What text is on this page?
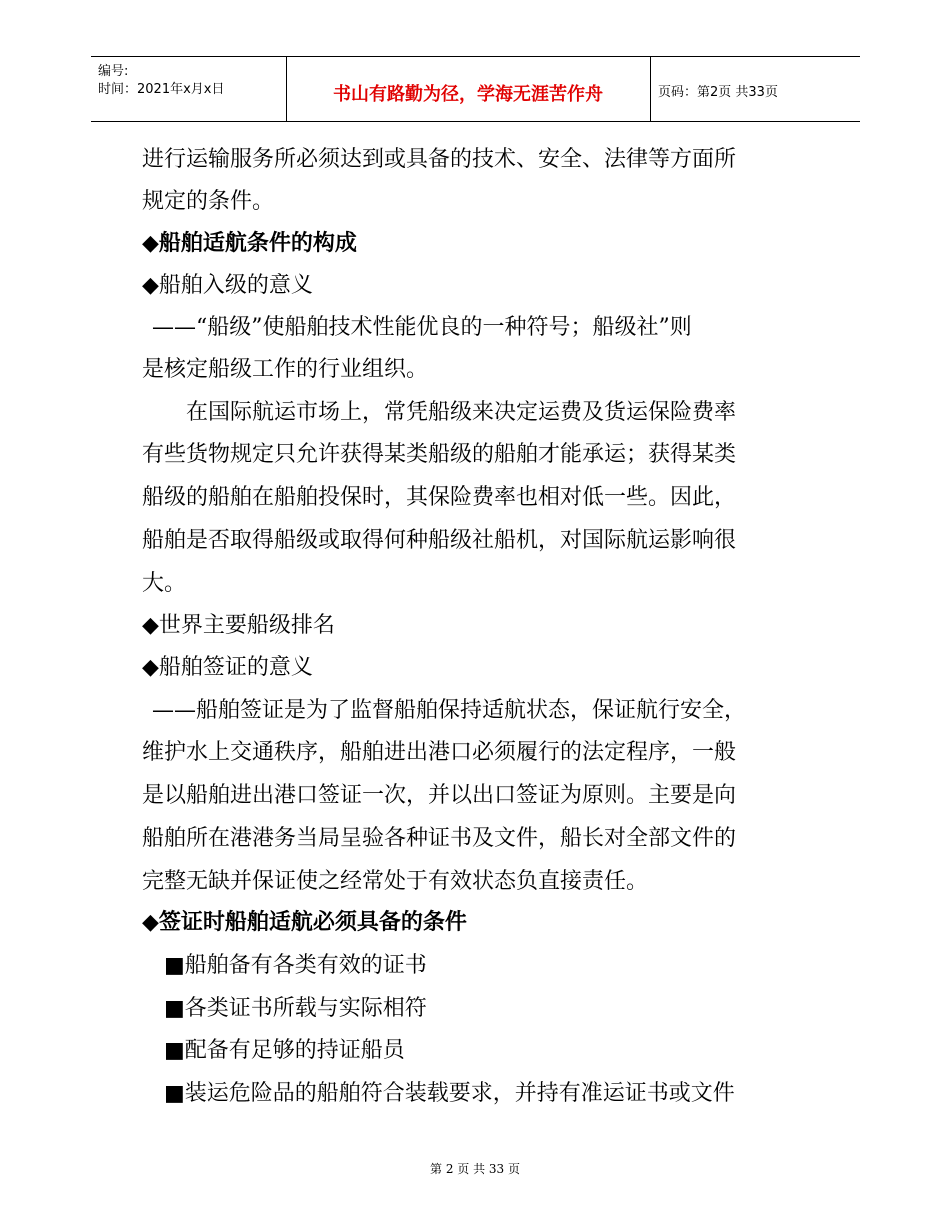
编号:
时间：2021年x月x日	书山有路勤为径，学海无涯苦作舟	页码：第2页 共33页
进行运输服务所必须达到或具备的技术、安全、法律等方面所
规定的条件。
◆船舶适航条件的构成
◆船舶入级的意义
——“船级”使船舶技术性能优良的一种符号；船级社”则
是核定船级工作的行业组织。
在国际航运市场上，常凭船级来决定运费及货运保险费率
有些货物规定只允许获得某类船级的船舶才能承运；获得某类
船级的船舶在船舶投保时，其保险费率也相对低一些。因此，
船舶是否取得船级或取得何种船级社船机，对国际航运影响很
大。
◆世界主要船级排名
◆船舶签证的意义
——船舶签证是为了监督船舶保持适航状态，保证航行安全，
维护水上交通秩序，船舶进出港口必须履行的法定程序，一般
是以船舶进出港口签证一次，并以出口签证为原则。主要是向
船舶所在港港务当局呈验各种证书及文件，船长对全部文件的
完整无缺并保证使之经常处于有效状态负直接责任。
◆签证时船舶适航必须具备的条件
■船舶备有各类有效的证书
■各类证书所载与实际相符
■配备有足够的持证船员
■装运危险品的船舶符合装载要求，并持有准运证书或文件
第 2 页 共 33 页
